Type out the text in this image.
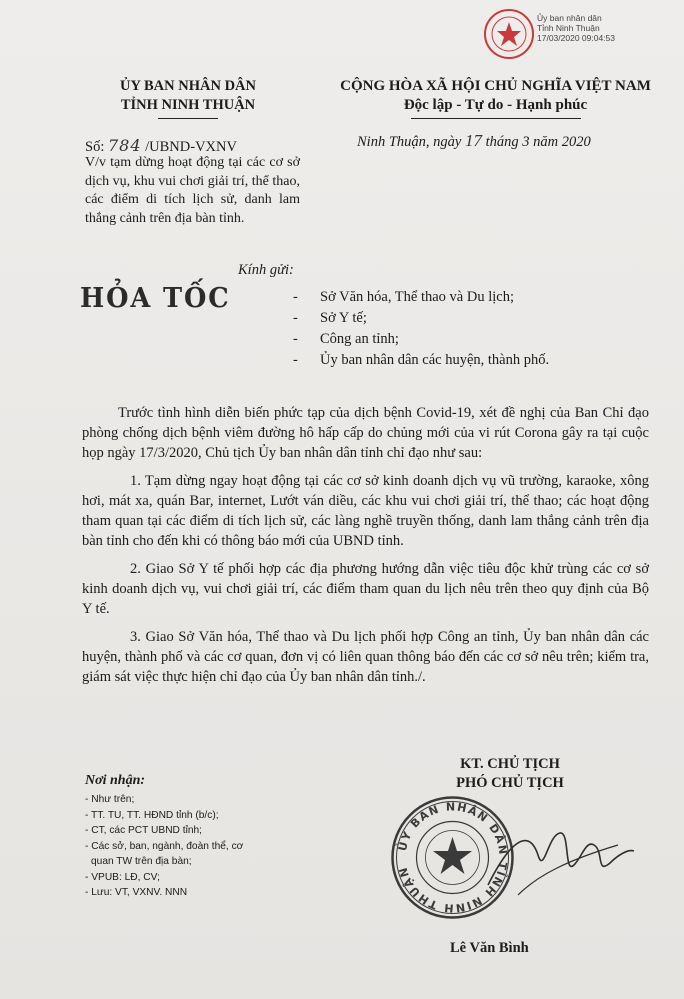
Ủy ban nhân dân
Tỉnh Ninh Thuận
17/03/2020 09:04:53
ỦY BAN NHÂN DÂN
TỈNH NINH THUẬN
CỘNG HÒA XÃ HỘI CHỦ NGHĨA VIỆT NAM
Độc lập - Tự do - Hạnh phúc
Số: 784 /UBND-VXNV	Ninh Thuận, ngày 17 tháng 3 năm 2020
V/v tạm dừng hoạt động tại các cơ sở dịch vụ, khu vui chơi giải trí, thể thao, các điểm di tích lịch sử, danh lam thắng cảnh trên địa bàn tỉnh.
HỎA TỐC
Kính gửi:
- Sở Văn hóa, Thể thao và Du lịch;
- Sở Y tế;
- Công an tỉnh;
- Ủy ban nhân dân các huyện, thành phố.

Trước tình hình diễn biến phức tạp của dịch bệnh Covid-19, xét đề nghị của Ban Chỉ đạo phòng chống dịch bệnh viêm đường hô hấp cấp do chủng mới của vi rút Corona gây ra tại cuộc họp ngày 17/3/2020, Chủ tịch Ủy ban nhân dân tỉnh chỉ đạo như sau:

1. Tạm dừng ngay hoạt động tại các cơ sở kinh doanh dịch vụ vũ trường, karaoke, xông hơi, mát xa, quán Bar, internet, Lướt ván diều, các khu vui chơi giải trí, thể thao; các hoạt động tham quan tại các điểm di tích lịch sử, các làng nghề truyền thống, danh lam thắng cảnh trên địa bàn tỉnh cho đến khi có thông báo mới của UBND tỉnh.

2. Giao Sở Y tế phối hợp các địa phương hướng dẫn việc tiêu độc khử trùng các cơ sở kinh doanh dịch vụ, vui chơi giải trí, các điểm tham quan du lịch nêu trên theo quy định của Bộ Y tế.

3. Giao Sở Văn hóa, Thể thao và Du lịch phối hợp Công an tỉnh, Ủy ban nhân dân các huyện, thành phố và các cơ quan, đơn vị có liên quan thông báo đến các cơ sở nêu trên; kiểm tra, giám sát việc thực hiện chỉ đạo của Ủy ban nhân dân tỉnh./.

Nơi nhận:
- Như trên;
- TT. TU, TT. HĐND tỉnh (b/c);
- CT, các PCT UBND tỉnh;
- Các sở, ban, ngành, đoàn thể, cơ
quan TW trên địa bàn;
- VPUB: LĐ, CV;
- Lưu: VT, VXNV. NNN
KT. CHỦ TỊCH
PHÓ CHỦ TỊCH
ỦY BAN NHÂN DÂN TỈNH NINH THUẬN
Lê Văn Bình
